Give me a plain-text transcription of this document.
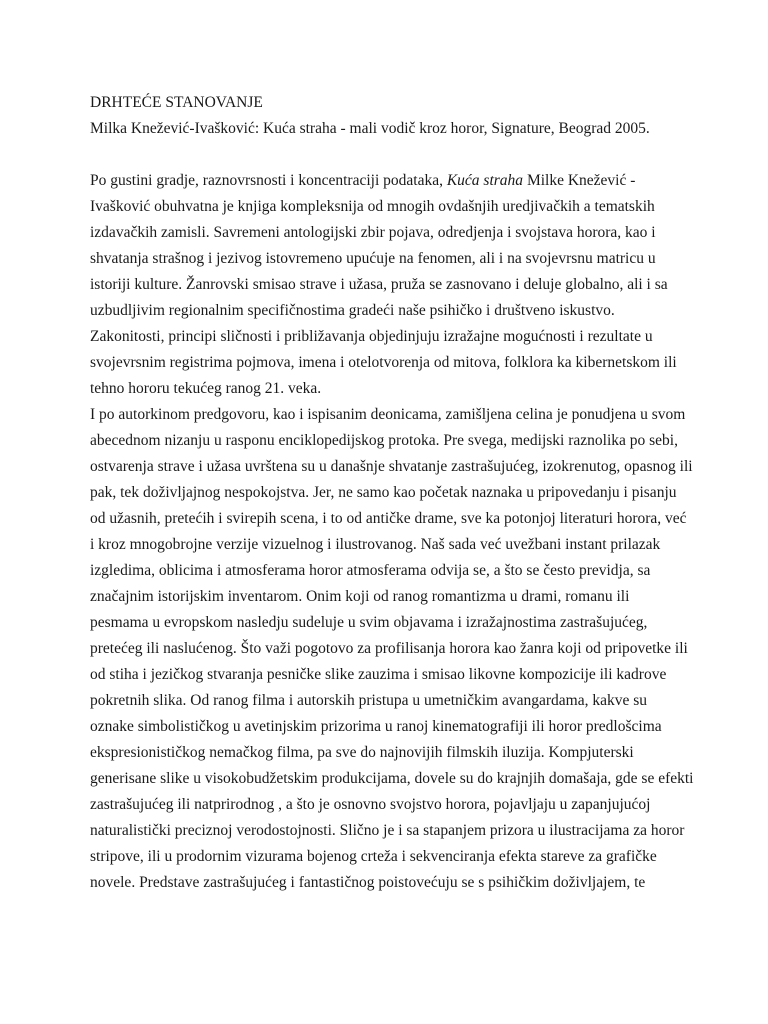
DRHTEĆE STANOVANJE
Milka Knežević-Ivašković: Kuća straha - mali vodič kroz horor, Signature, Beograd 2005.
Po gustini gradje, raznovrsnosti i koncentraciji podataka, Kuća straha Milke Knežević -
Ivašković obuhvatna je knjiga kompleksnija od mnogih ovdašnjih uredjivačkih a tematskih
izdavačkih zamisli. Savremeni antologijski zbir pojava, odredjenja i svojstava horora, kao i
shvatanja strašnog i jezivog istovremeno upućuje na fenomen, ali i na svojevrsnu matricu u
istoriji kulture. Žanrovski smisao strave i užasa, pruža se zasnovano i deluje globalno, ali i sa
uzbudljivim regionalnim specifičnostima gradeći naše psihičko i društveno iskustvo.
Zakonitosti, principi sličnosti i približavanja objedinjuju izražajne mogućnosti i rezultate u
svojevrsnim registrima pojmova, imena i otelotvorenja od mitova, folklora ka kibernetskom ili
tehno hororu tekućeg ranog 21. veka.
I po autorkinom predgovoru, kao i ispisanim deonicama, zamišljena celina je ponudjena u svom
abecednom nizanju u rasponu enciklopedijskog protoka. Pre svega, medijski raznolika po sebi,
ostvarenja strave i užasa uvrštena su u današnje shvatanje zastrašujućeg, izokrenutog, opasnog ili
pak, tek doživljajnog nespokojstva. Jer, ne samo kao početak naznaka u pripovedanju i pisanju
od užasnih, pretećih i svirepih scena, i to od antičke drame, sve ka potonjoj literaturi horora, već
i kroz mnogobrojne verzije vizuelnog i ilustrovanog. Naš sada već uvežbani instant prilazak
izgledima, oblicima i atmosferama horor atmosferama odvija se, a što se često previdja, sa
značajnim istorijskim inventarom. Onim koji od ranog romantizma u drami, romanu ili
pesmama u evropskom nasledju sudeluje u svim objavama i izražajnostima zastrašujućeg,
pretećeg ili naslućenog. Što važi pogotovo za profilisanja horora kao žanra koji od pripovetke ili
od stiha i jezičkog stvaranja pesničke slike zauzima i smisao likovne kompozicije ili kadrove
pokretnih slika. Od ranog filma i autorskih pristupa u umetničkim avangardama, kakve su
oznake simbolističkog u avetinjskim prizorima u ranoj kinematografiji ili horor predlošcima
ekspresionističkog nemačkog filma, pa sve do najnovijih filmskih iluzija. Kompjuterski
generisane slike u visokobudžetskim produkcijama, dovele su do krajnjih domašaja, gde se efekti
zastrašujućeg ili natprirodnog , a što je osnovno svojstvo horora, pojavljaju u zapanjujućoj
naturalistički preciznoj verodostojnosti. Slično je i sa stapanjem prizora u ilustracijama za horor
stripove, ili u prodornim vizurama bojenog crteža i sekvenciranja efekta stareve za grafičke
novele. Predstave zastrašujućeg i fantastičnog poistovećuju se s psihičkim doživljajem, te
